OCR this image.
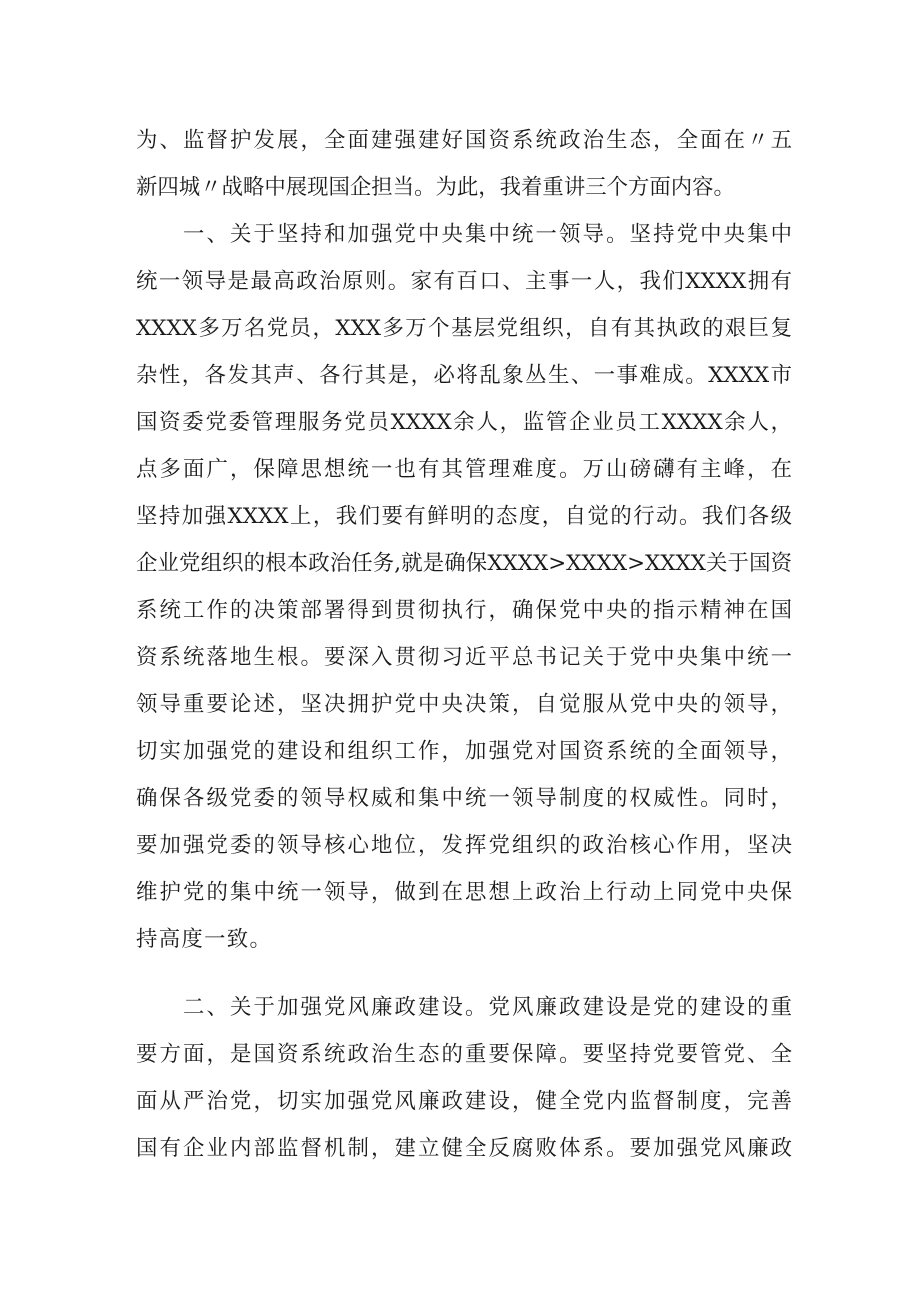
为、监督护发展，全面建强建好国资系统政治生态，全面在〃五
新四城〃战略中展现国企担当。为此，我着重讲三个方面内容。
一、关于坚持和加强党中央集中统一领导。坚持党中央集中
统一领导是最高政治原则。家有百口、主事一人，我们XXXX拥有
XXXX多万名党员，XXX多万个基层党组织，自有其执政的艰巨复
杂性，各发其声、各行其是，必将乱象丛生、一事难成。XXXX市
国资委党委管理服务党员XXXX余人，监管企业员工XXXX余人，
点多面广，保障思想统一也有其管理难度。万山磅礴有主峰，在
坚持加强XXXX上，我们要有鲜明的态度，自觉的行动。我们各级
企业党组织的根本政治任务,就是确保XXXX>XXXX>XXXX关于国资
系统工作的决策部署得到贯彻执行，确保党中央的指示精神在国
资系统落地生根。要深入贯彻习近平总书记关于党中央集中统一
领导重要论述，坚决拥护党中央决策，自觉服从党中央的领导，
切实加强党的建设和组织工作，加强党对国资系统的全面领导，
确保各级党委的领导权威和集中统一领导制度的权威性。同时，
要加强党委的领导核心地位，发挥党组织的政治核心作用，坚决
维护党的集中统一领导，做到在思想上政治上行动上同党中央保
持高度一致。
二、关于加强党风廉政建设。党风廉政建设是党的建设的重
要方面，是国资系统政治生态的重要保障。要坚持党要管党、全
面从严治党，切实加强党风廉政建设，健全党内监督制度，完善
国有企业内部监督机制，建立健全反腐败体系。要加强党风廉政
